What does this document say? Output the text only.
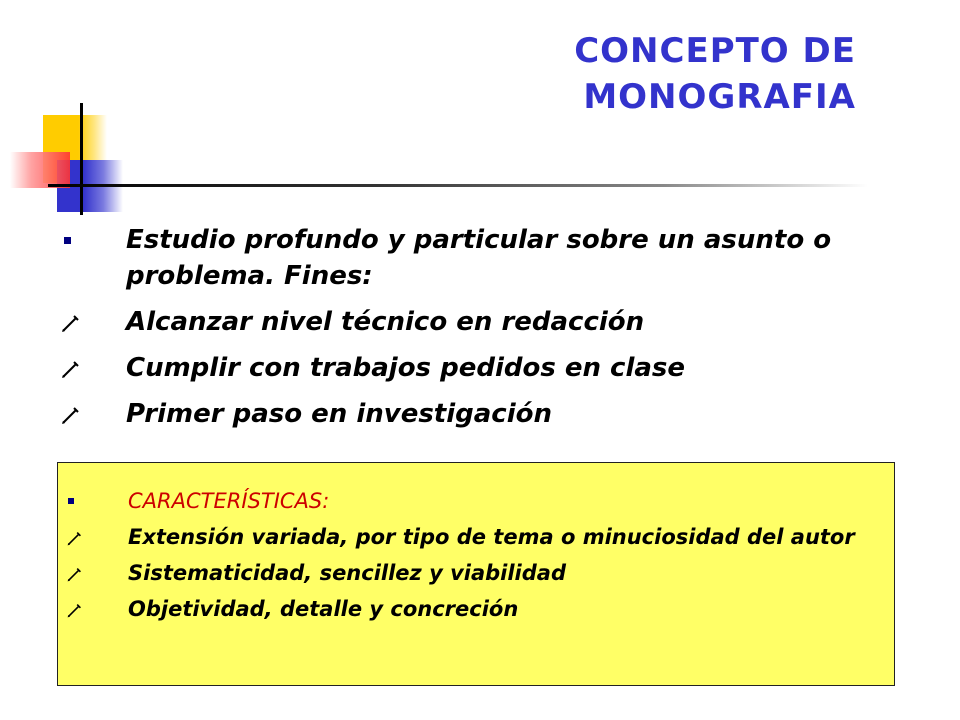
CONCEPTO DE
MONOGRAFIA
Estudio profundo y particular sobre un asunto o problema. Fines:
Alcanzar nivel técnico en redacción
Cumplir con trabajos pedidos en clase
Primer paso en investigación
CARACTERÍSTICAS:
Extensión variada, por tipo de tema o minuciosidad del autor
Sistematicidad, sencillez y viabilidad
Objetividad, detalle y concreción
